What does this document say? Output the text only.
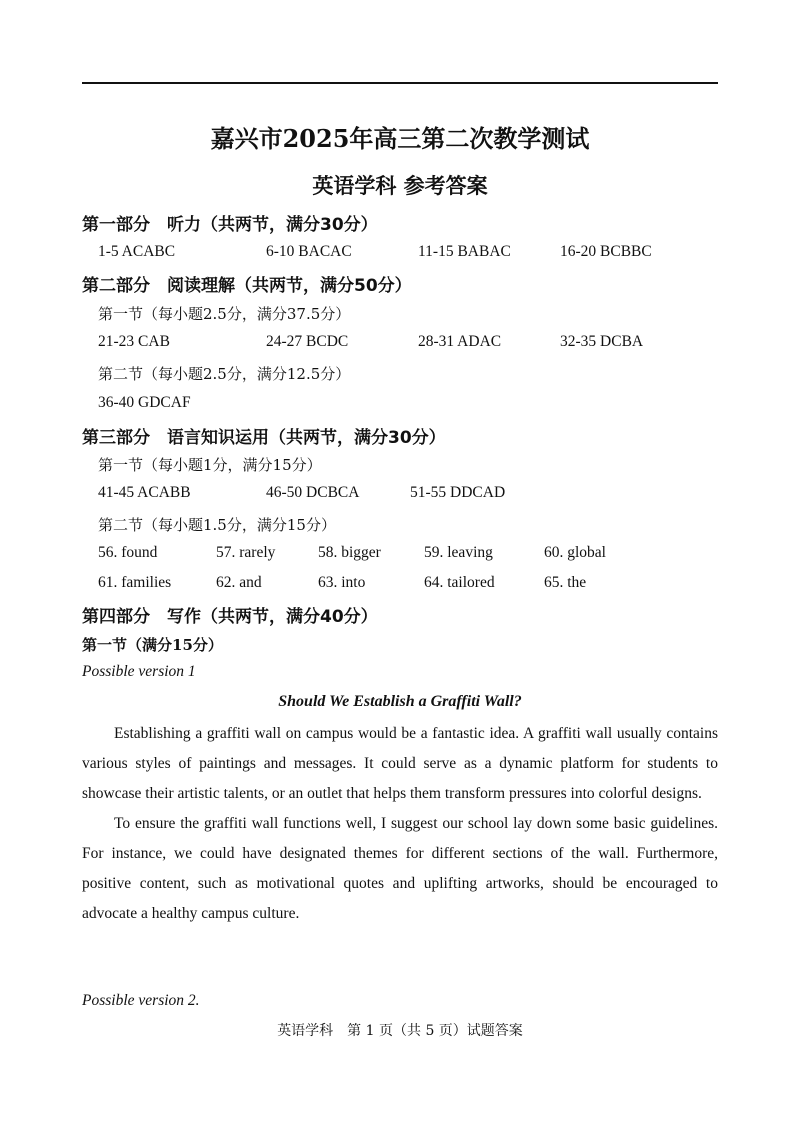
嘉兴市2025年高三第二次教学测试
英语学科 参考答案
第一部分　听力（共两节，满分30分）
1-5 ACABC	6-10 BACAC	11-15 BABAC	16-20 BCBBC
第二部分　阅读理解（共两节，满分50分）
第一节（每小题2.5分，满分37.5分）
21-23 CAB	24-27 BCDC	28-31 ADAC	32-35 DCBA
第二节（每小题2.5分，满分12.5分）
36-40 GDCAF
第三部分　语言知识运用（共两节，满分30分）
第一节（每小题1分，满分15分）
41-45 ACABB	46-50 DCBCA	51-55 DDCAD
第二节（每小题1.5分，满分15分）
56. found	57. rarely	58. bigger	59. leaving	60. global
61. families	62. and	63. into	64. tailored	65. the
第四部分　写作（共两节，满分40分）
第一节（满分15分）
Possible version 1
Should We Establish a Graffiti Wall?

Establishing a graffiti wall on campus would be a fantastic idea. A graffiti wall usually contains various styles of paintings and messages. It could serve as a dynamic platform for students to showcase their artistic talents, or an outlet that helps them transform pressures into colorful designs.

To ensure the graffiti wall functions well, I suggest our school lay down some basic guidelines. For instance, we could have designated themes for different sections of the wall. Furthermore, positive content, such as motivational quotes and uplifting artworks, should be encouraged to advocate a healthy campus culture.

Possible version 2.
英语学科　第 1 页（共 5 页）试题答案
